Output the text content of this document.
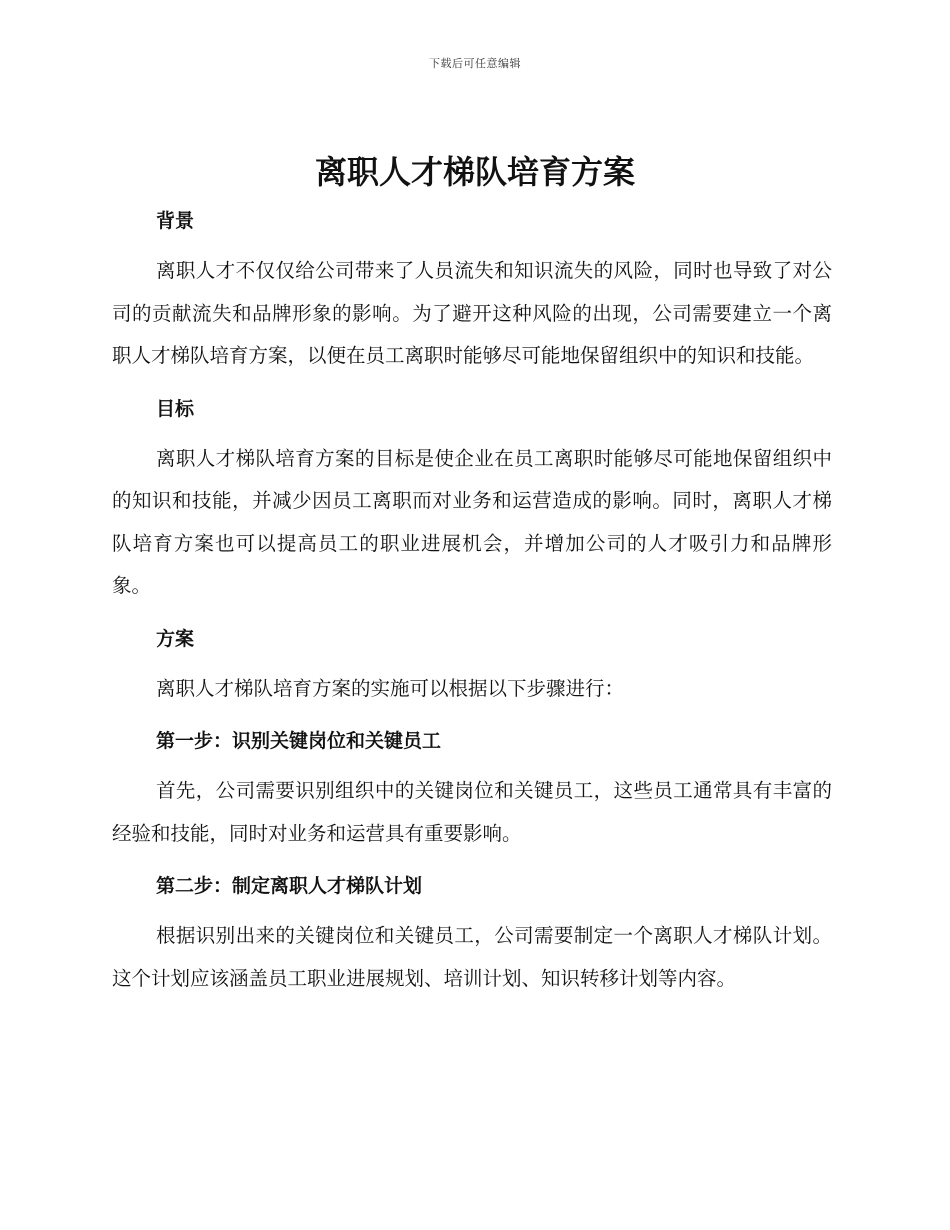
下载后可任意编辑
离职人才梯队培育方案
背景

离职人才不仅仅给公司带来了人员流失和知识流失的风险，同时也导致了对公司的贡献流失和品牌形象的影响。为了避开这种风险的出现，公司需要建立一个离职人才梯队培育方案，以便在员工离职时能够尽可能地保留组织中的知识和技能。

目标

离职人才梯队培育方案的目标是使企业在员工离职时能够尽可能地保留组织中的知识和技能，并减少因员工离职而对业务和运营造成的影响。同时，离职人才梯队培育方案也可以提高员工的职业进展机会，并增加公司的人才吸引力和品牌形象。

方案

离职人才梯队培育方案的实施可以根据以下步骤进行：

第一步：识别关键岗位和关键员工

首先，公司需要识别组织中的关键岗位和关键员工，这些员工通常具有丰富的经验和技能，同时对业务和运营具有重要影响。

第二步：制定离职人才梯队计划

根据识别出来的关键岗位和关键员工，公司需要制定一个离职人才梯队计划。这个计划应该涵盖员工职业进展规划、培训计划、知识转移计划等内容。
